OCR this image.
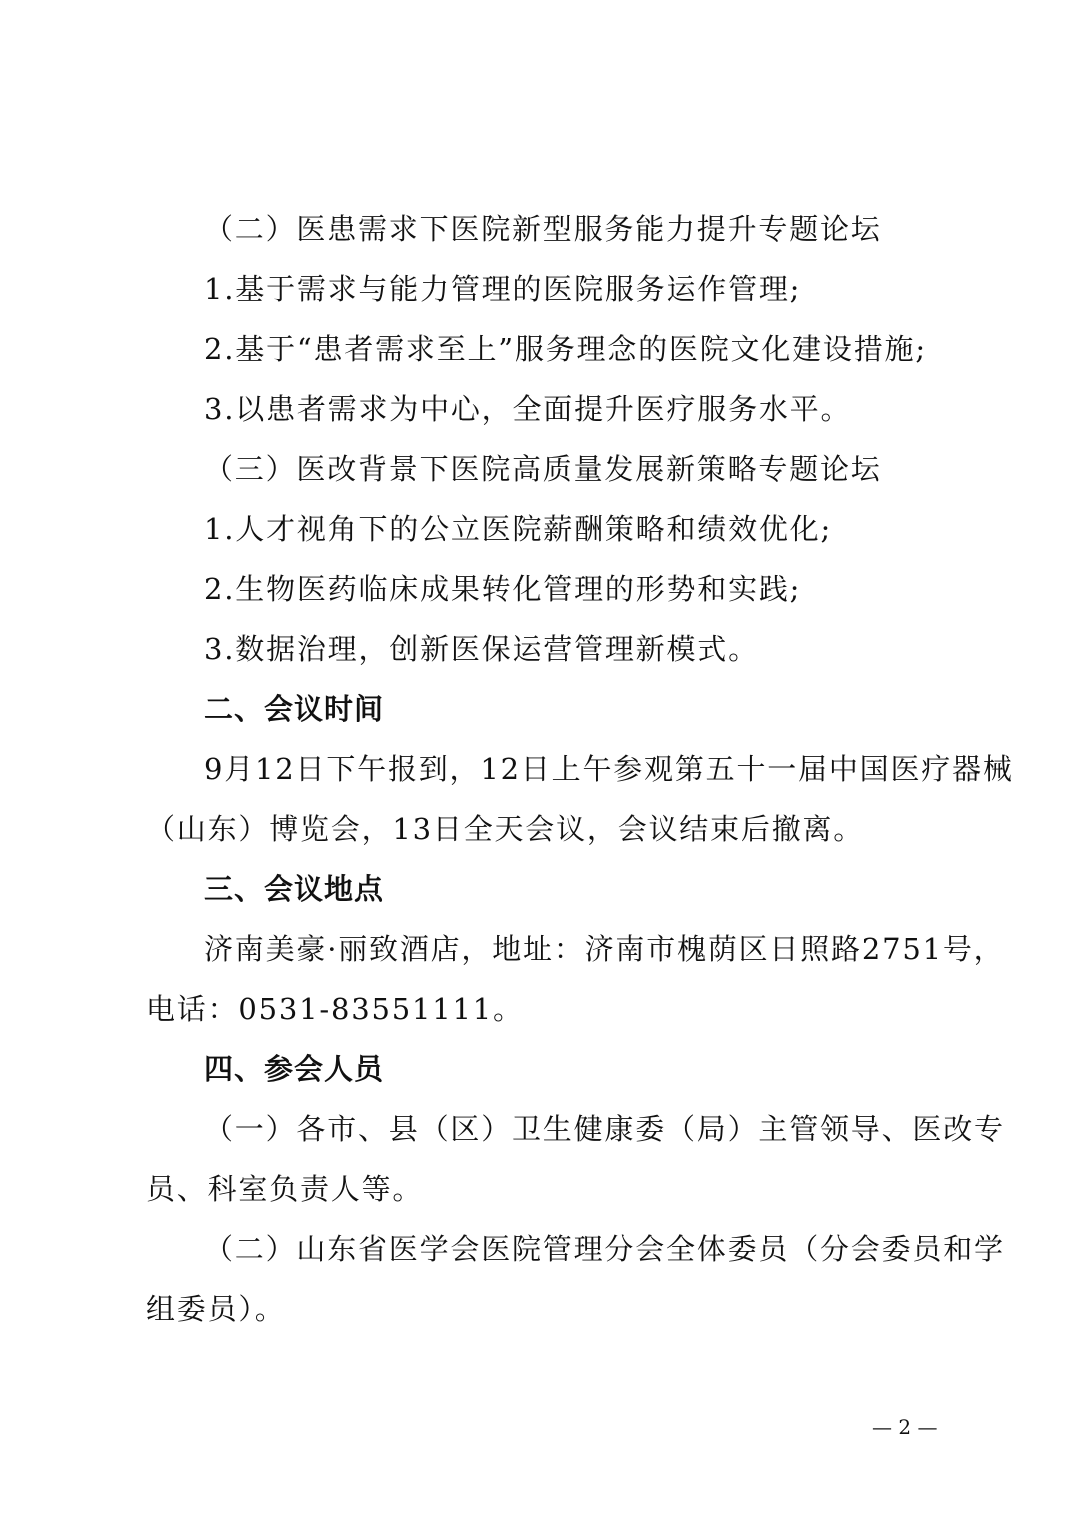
（二）医患需求下医院新型服务能力提升专题论坛
1.基于需求与能力管理的医院服务运作管理;
2.基于“患者需求至上”服务理念的医院文化建设措施;
3.以患者需求为中心，全面提升医疗服务水平。
（三）医改背景下医院高质量发展新策略专题论坛
1.人才视角下的公立医院薪酬策略和绩效优化;
2.生物医药临床成果转化管理的形势和实践;
3.数据治理，创新医保运营管理新模式。
二、会议时间
9月12日下午报到，12日上午参观第五十一届中国医疗器械
（山东）博览会，13日全天会议，会议结束后撤离。
三、会议地点
济南美豪·丽致酒店，地址：济南市槐荫区日照路2751号，
电话：0531-83551111。
四、参会人员
（一）各市、县（区）卫生健康委（局）主管领导、医改专
员、科室负责人等。
（二）山东省医学会医院管理分会全体委员（分会委员和学
组委员）。
— 2 —
